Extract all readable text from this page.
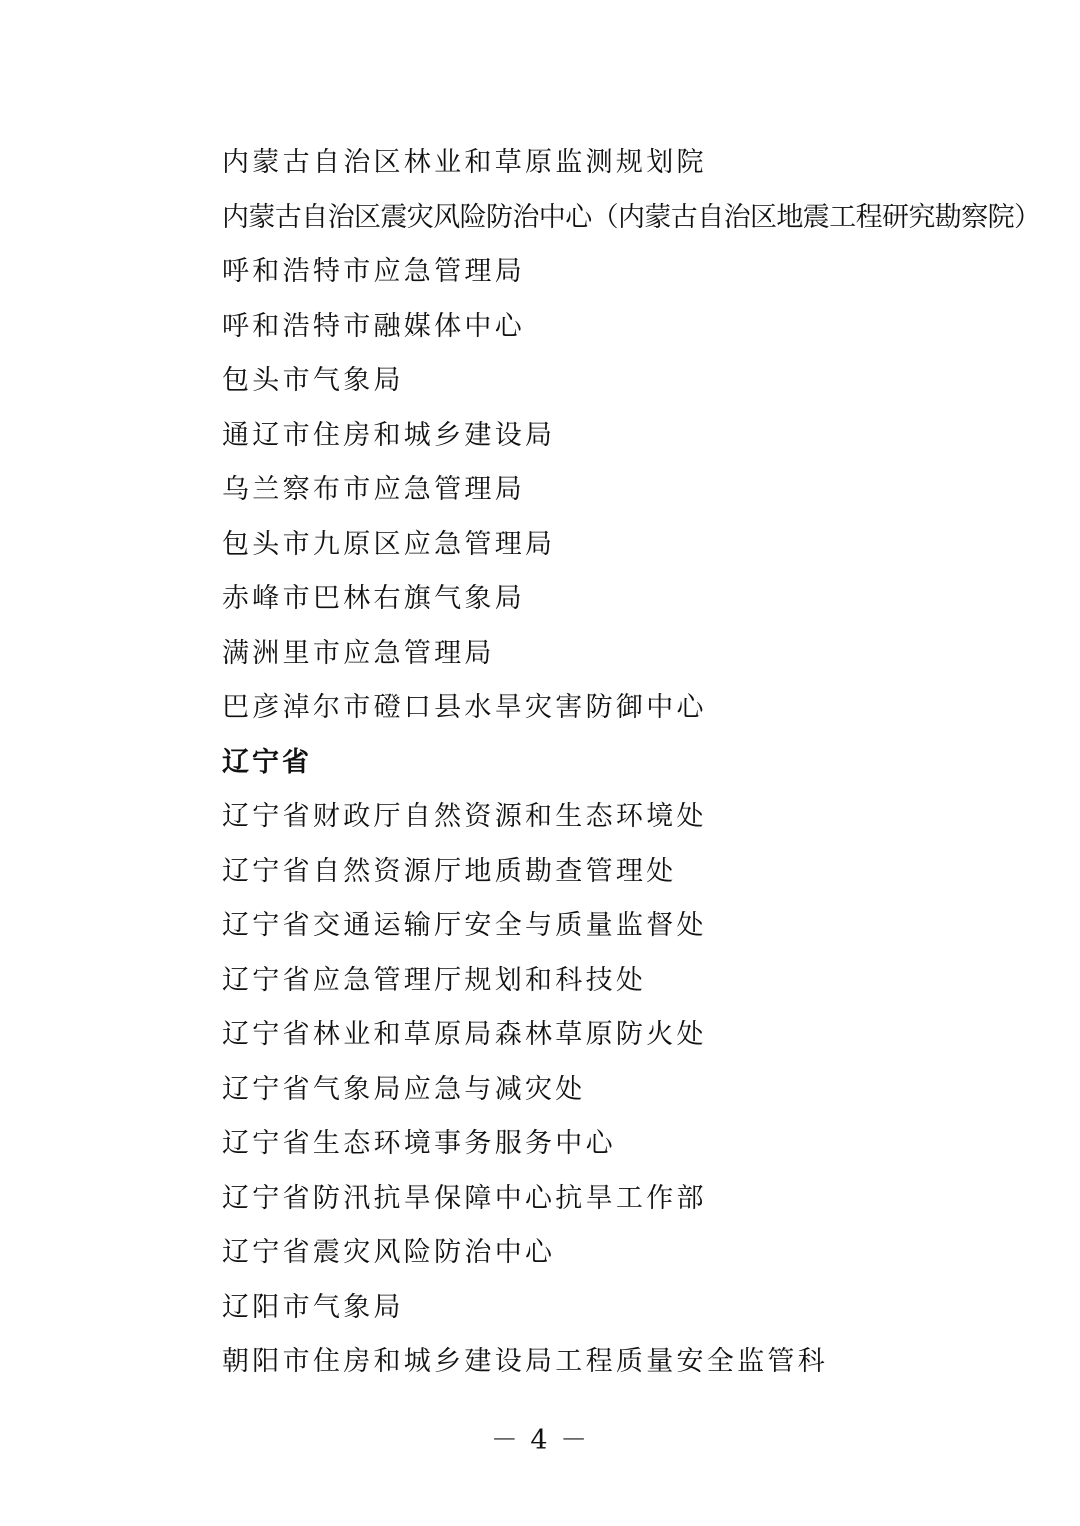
内蒙古自治区林业和草原监测规划院
内蒙古自治区震灾风险防治中心（内蒙古自治区地震工程研究勘察院）
呼和浩特市应急管理局
呼和浩特市融媒体中心
包头市气象局
通辽市住房和城乡建设局
乌兰察布市应急管理局
包头市九原区应急管理局
赤峰市巴林右旗气象局
满洲里市应急管理局
巴彦淖尔市磴口县水旱灾害防御中心
辽宁省
辽宁省财政厅自然资源和生态环境处
辽宁省自然资源厅地质勘查管理处
辽宁省交通运输厅安全与质量监督处
辽宁省应急管理厅规划和科技处
辽宁省林业和草原局森林草原防火处
辽宁省气象局应急与减灾处
辽宁省生态环境事务服务中心
辽宁省防汛抗旱保障中心抗旱工作部
辽宁省震灾风险防治中心
辽阳市气象局
朝阳市住房和城乡建设局工程质量安全监管科
－ 4 －
